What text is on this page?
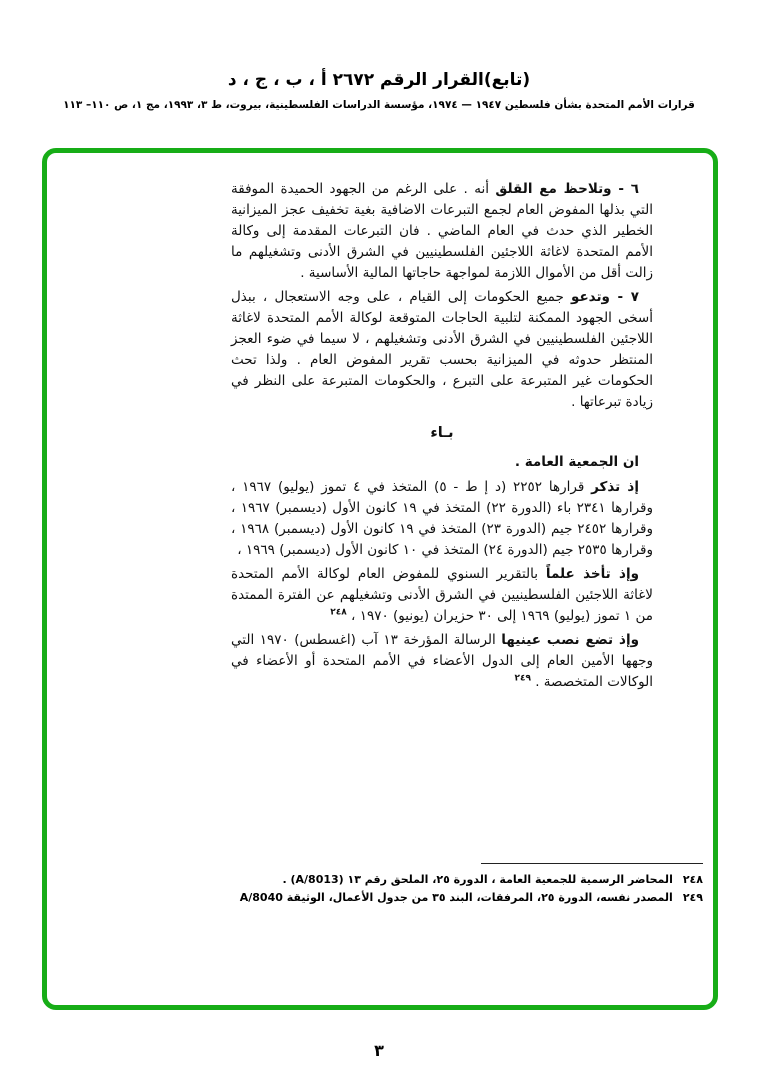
(تابع)القرار الرقم ٢٦٧٢ أ ، ب ، ج ، د
قرارات الأمم المتحدة بشأن فلسطين ١٩٤٧ — ١٩٧٤، مؤسسة الدراسات الفلسطينية، بيروت، ط ٣، ١٩٩٣، مج ١، ص ١١٠– ١١٣

٦ - وتلاحظ مع القلق أنه . على الرغم من الجهود الحميدة الموفقة التي بذلها المفوض العام لجمع التبرعات الاضافية بغية تخفيف عجز الميزانية الخطير الذي حدث في العام الماضي . فان التبرعات المقدمة إلى وكالة الأمم المتحدة لاغاثة اللاجئين الفلسطينيين في الشرق الأدنى وتشغيلهم ما زالت أقل من الأموال اللازمة لمواجهة حاجاتها المالية الأساسية .

٧ - وتدعو جميع الحكومات إلى القيام ، على وجه الاستعجال ، ببذل أسخى الجهود الممكنة لتلبية الحاجات المتوقعة لوكالة الأمم المتحدة لاغاثة اللاجئين الفلسطينيين في الشرق الأدنى وتشغيلهم ، لا سيما في ضوء العجز المنتظر حدوثه في الميزانية بحسب تقرير المفوض العام . ولذا تحث الحكومات غير المتبرعة على التبرع ، والحكومات المتبرعة على النظر في زيادة تبرعاتها .

بـاء

ان الجمعية العامة .

إذ تذكر قرارها ٢٢٥٢ (د إ ط - ٥) المتخذ في ٤ تموز (يوليو) ١٩٦٧ ، وقرارها ٢٣٤١ باء (الدورة ٢٢) المتخذ في ١٩ كانون الأول (ديسمبر) ١٩٦٧ ، وقرارها ٢٤٥٢ جيم (الدورة ٢٣) المتخذ في ١٩ كانون الأول (ديسمبر) ١٩٦٨ ، وقرارها ٢٥٣٥ جيم (الدورة ٢٤) المتخذ في ١٠ كانون الأول (ديسمبر) ١٩٦٩ ،

وإذ تأخذ علماً بالتقرير السنوي للمفوض العام لوكالة الأمم المتحدة لاغاثة اللاجئين الفلسطينيين في الشرق الأدنى وتشغيلهم عن الفترة الممتدة من ١ تموز (يوليو) ١٩٦٩ إلى ٣٠ حزيران (يونيو) ١٩٧٠ ، $^{٢٤٨}$

وإذ تضع نصب عينيها الرسالة المؤرخة ١٣ آب (اغسطس) ١٩٧٠ التي وجهها الأمين العام إلى الدول الأعضاء في الأمم المتحدة أو الأعضاء في الوكالات المتخصصة . $^{٢٤٩}$

٢٤٨المحاضر الرسمية للجمعية العامة ، الدورة ٢٥، الملحق رقم ١٣ (A/8013) .
٢٤٩المصدر نفسه، الدورة ٢٥، المرفقات، البند ٣٥ من جدول الأعمال، الوثيقة A/8040
٣
